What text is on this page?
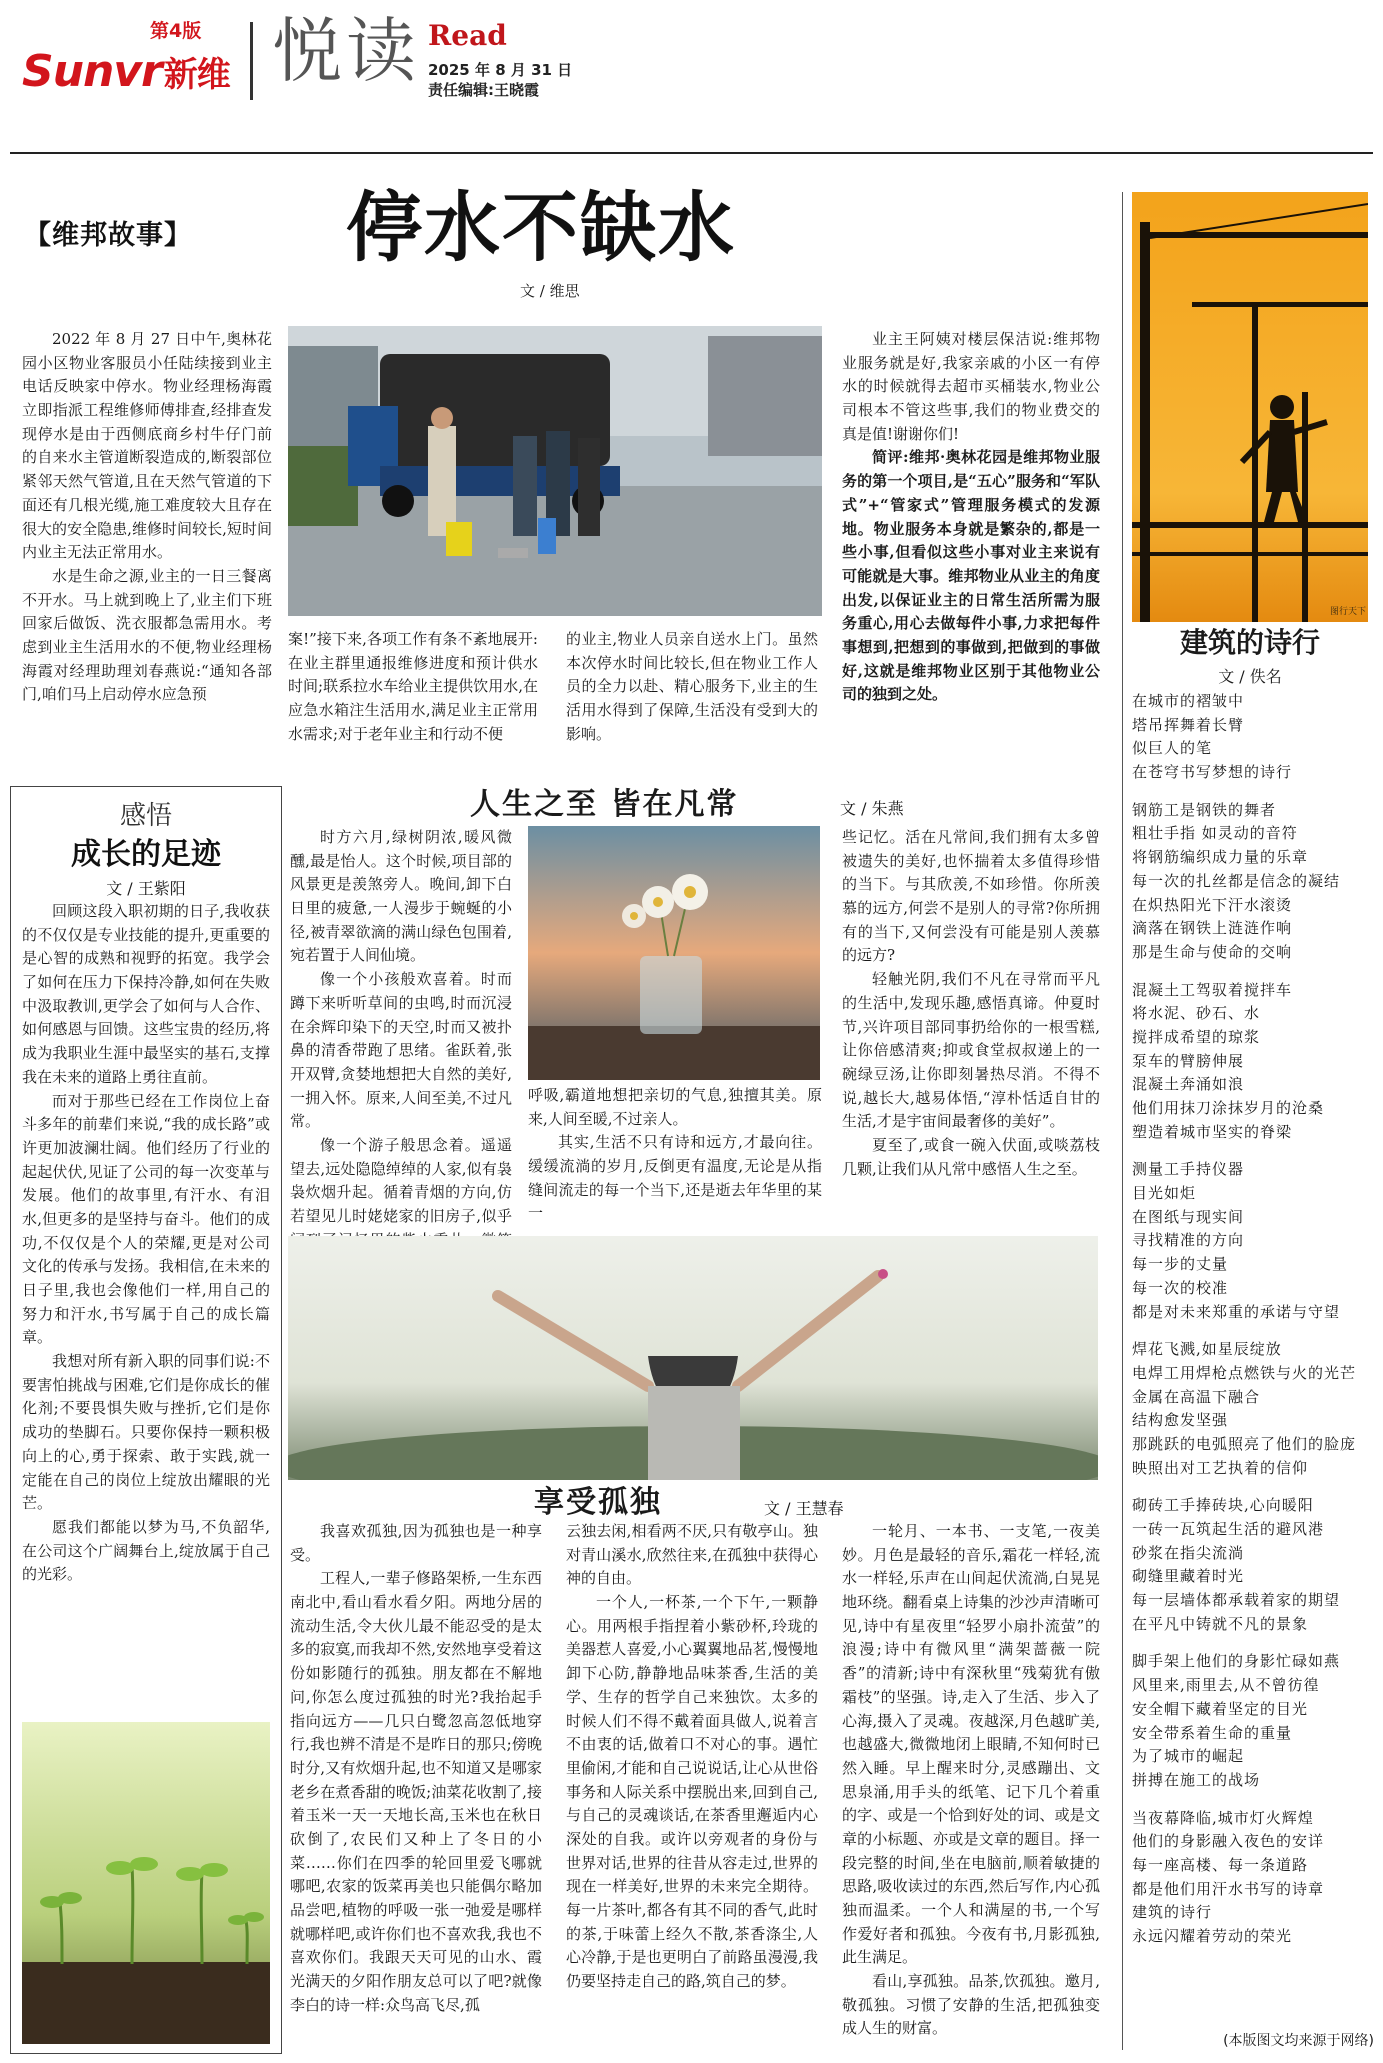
第4版
Sunvr新维 悦读 Read
2025 年 8 月 31 日
责任编辑:王晓霞
【维邦故事】 停水不缺水
文 / 维思

2022 年 8 月 27 日中午,奥林花园小区物业客服员小任陆续接到业主电话反映家中停水。物业经理杨海霞立即指派工程维修师傅排查,经排查发现停水是由于西侧底商乡村牛仔门前的自来水主管道断裂造成的,断裂部位紧邻天然气管道,且在天然气管道的下面还有几根光缆,施工难度较大且存在很大的安全隐患,维修时间较长,短时间内业主无法正常用水。

水是生命之源,业主的一日三餐离不开水。马上就到晚上了,业主们下班回家后做饭、洗衣服都急需用水。考虑到业主生活用水的不便,物业经理杨海霞对经理助理刘春燕说:“通知各部门,咱们马上启动停水应急预

案!”接下来,各项工作有条不紊地展开:在业主群里通报维修进度和预计供水时间;联系拉水车给业主提供饮用水,在应急水箱注生活用水,满足业主正常用水需求;对于老年业主和行动不便

的业主,物业人员亲自送水上门。虽然本次停水时间比较长,但在物业工作人员的全力以赴、精心服务下,业主的生活用水得到了保障,生活没有受到大的影响。

业主王阿姨对楼层保洁说:维邦物业服务就是好,我家亲戚的小区一有停水的时候就得去超市买桶装水,物业公司根本不管这些事,我们的物业费交的真是值!谢谢你们!

简评:维邦·奥林花园是维邦物业服务的第一个项目,是“五心”服务和“军队式”+“管家式”管理服务模式的发源地。物业服务本身就是繁杂的,都是一些小事,但看似这些小事对业主来说有可能就是大事。维邦物业从业主的角度出发,以保证业主的日常生活所需为服务重心,用心去做每件小事,力求把每件事想到,把想到的事做到,把做到的事做好,这就是维邦物业区别于其他物业公司的独到之处。

感悟
成长的足迹
文 / 王紫阳

回顾这段入职初期的日子,我收获的不仅仅是专业技能的提升,更重要的是心智的成熟和视野的拓宽。我学会了如何在压力下保持冷静,如何在失败中汲取教训,更学会了如何与人合作、如何感恩与回馈。这些宝贵的经历,将成为我职业生涯中最坚实的基石,支撑我在未来的道路上勇往直前。

而对于那些已经在工作岗位上奋斗多年的前辈们来说,“我的成长路”或许更加波澜壮阔。他们经历了行业的起起伏伏,见证了公司的每一次变革与发展。他们的故事里,有汗水、有泪水,但更多的是坚持与奋斗。他们的成功,不仅仅是个人的荣耀,更是对公司文化的传承与发扬。我相信,在未来的日子里,我也会像他们一样,用自己的努力和汗水,书写属于自己的成长篇章。

我想对所有新入职的同事们说:不要害怕挑战与困难,它们是你成长的催化剂;不要畏惧失败与挫折,它们是你成功的垫脚石。只要你保持一颗积极向上的心,勇于探索、敢于实践,就一定能在自己的岗位上绽放出耀眼的光芒。

愿我们都能以梦为马,不负韶华,在公司这个广阔舞台上,绽放属于自己的光彩。

人生之至 皆在凡常	文 / 朱燕

时方六月,绿树阴浓,暖风微醺,最是怡人。这个时候,项目部的风景更是羡煞旁人。晚间,卸下白日里的疲惫,一人漫步于蜿蜒的小径,被青翠欲滴的满山绿色包围着,宛若置于人间仙境。

像一个小孩般欢喜着。时而蹲下来听听草间的虫鸣,时而沉浸在余辉印染下的天空,时而又被扑鼻的清香带跑了思绪。雀跃着,张开双臂,贪婪地想把大自然的美好,一拥入怀。原来,人间至美,不过凡常。

像一个游子般思念着。遥遥望去,远处隐隐绰绰的人家,似有袅袅炊烟升起。循着青烟的方向,仿若望见儿时姥姥家的旧房子,似乎

呼吸,霸道地想把亲切的气息,独擅其美。原来,人间至暖,不过亲人。

其实,生活不只有诗和远方,才最向往。缓缓流淌的岁月,反倒更有温度,无论是从指缝间流走的每一个当下,还是逝去年华里的某一

些记忆。活在凡常间,我们拥有太多曾被遗失的美好,也怀揣着太多值得珍惜的当下。与其欣羡,不如珍惜。你所羡慕的远方,何尝不是别人的寻常?你所拥有的当下,又何尝没有可能是别人羡慕的远方?

轻触光阴,我们不凡在寻常而平凡的生活中,发现乐趣,感悟真谛。仲夏时节,兴许项目部同事扔给你的一根雪糕,让你倍感清爽;抑或食堂叔叔递上的一碗绿豆汤,让你即刻暑热尽消。不得不说,越长大,越易体悟,“淳朴恬适自甘的生活,才是宇宙间最奢侈的美好”。

夏至了,或食一碗入伏面,或啖荔枝几颗,让我们从凡常中感悟人生之至。

享受孤独	文 / 王慧春

我喜欢孤独,因为孤独也是一种享受。

工程人,一辈子修路架桥,一生东西南北中,看山看水看夕阳。两地分居的流动生活,令大伙儿最不能忍受的是太多的寂寞,而我却不然,安然地享受着这份如影随行的孤独。朋友都在不解地问,你怎么度过孤独的时光?我抬起手指向远方——几只白鹭忽高忽低地穿行,我也辨不清是不是昨日的那只;傍晚时分,又有炊烟升起,也不知道又是哪家老乡在煮香甜的晚饭;油菜花收割了,接着玉米一天一天地长高,玉米也在秋日砍倒了,农民们又种上了冬日的小菜……你们在四季的轮回里爱飞哪就哪吧,农家的饭菜再美也只能偶尔略加品尝吧,植物的呼吸一张一弛爱是哪样就哪样吧,或许你们也不喜欢我,我也不喜欢你们。我跟天天可见的山水、霞光满天的夕阳作朋友总可以了吧?就像李白的诗一样:众鸟高飞尽,孤

云独去闲,相看两不厌,只有敬亭山。独对青山溪水,欣然往来,在孤独中获得心神的自由。

一个人,一杯茶,一个下午,一颗静心。用两根手指捏着小紫砂杯,玲珑的美器惹人喜爱,小心翼翼地品茗,慢慢地卸下心防,静静地品味茶香,生活的美学、生存的哲学自己来独饮。太多的时候人们不得不戴着面具做人,说着言不由衷的话,做着口不对心的事。遇忙里偷闲,才能和自己说说话,让心从世俗事务和人际关系中摆脱出来,回到自己,与自己的灵魂谈话,在茶香里邂逅内心深处的自我。或许以旁观者的身份与世界对话,世界的往昔从容走过,世界的现在一样美好,世界的未来完全期待。每一片茶叶,都各有其不同的香气,此时的茶,于味蕾上经久不散,茶香涤尘,人心冷静,于是也更明白了前路虽漫漫,我仍要坚持走自己的路,筑自己的梦。

一轮月、一本书、一支笔,一夜美妙。月色是最轻的音乐,霜花一样轻,流水一样轻,乐声在山间起伏流淌,白晃晃地环绕。翻看桌上诗集的沙沙声清晰可见,诗中有星夜里“轻罗小扇扑流萤”的浪漫;诗中有微风里“满架蔷薇一院香”的清新;诗中有深秋里“残菊犹有傲霜枝”的坚强。诗,走入了生活、步入了心海,摄入了灵魂。夜越深,月色越旷美,也越盛大,微微地闭上眼睛,不知何时已然入睡。早上醒来时分,灵感蹦出、文思泉涌,用手头的纸笔、记下几个着重的字、或是一个恰到好处的词、或是文章的小标题、亦或是文章的题目。择一段完整的时间,坐在电脑前,顺着敏捷的思路,吸收读过的东西,然后写作,内心孤独而温柔。一个人和满屋的书,一个写作爱好者和孤独。今夜有书,月影孤独,此生满足。

看山,享孤独。品茶,饮孤独。邀月,敬孤独。习惯了安静的生活,把孤独变成人生的财富。

图行天下
建筑的诗行
文 / 佚名
在城市的褶皱中
塔吊挥舞着长臂
似巨人的笔
在苍穹书写梦想的诗行
钢筋工是钢铁的舞者
粗壮手指 如灵动的音符
将钢筋编织成力量的乐章
每一次的扎丝都是信念的凝结
在炽热阳光下汗水滚烫
滴落在钢铁上涟涟作响
那是生命与使命的交响
混凝土工驾驭着搅拌车
将水泥、砂石、水
搅拌成希望的琼浆
泵车的臂膀伸展
混凝土奔涌如浪
他们用抹刀涂抹岁月的沧桑
塑造着城市坚实的脊梁
测量工手持仪器
目光如炬
在图纸与现实间
寻找精准的方向
每一步的丈量
每一次的校准
都是对未来郑重的承诺与守望
焊花飞溅,如星辰绽放
电焊工用焊枪点燃铁与火的光芒
金属在高温下融合
结构愈发坚强
那跳跃的电弧照亮了他们的脸庞
映照出对工艺执着的信仰
砌砖工手捧砖块,心向暖阳
一砖一瓦筑起生活的避风港
砂浆在指尖流淌
砌缝里藏着时光
每一层墙体都承载着家的期望
在平凡中铸就不凡的景象
脚手架上他们的身影忙碌如燕
风里来,雨里去,从不曾彷徨
安全帽下藏着坚定的目光
安全带系着生命的重量
为了城市的崛起
拼搏在施工的战场
当夜幕降临,城市灯火辉煌
他们的身影融入夜色的安详
每一座高楼、每一条道路
都是他们用汗水书写的诗章
建筑的诗行
永远闪耀着劳动的荣光
(本版图文均来源于网络)
